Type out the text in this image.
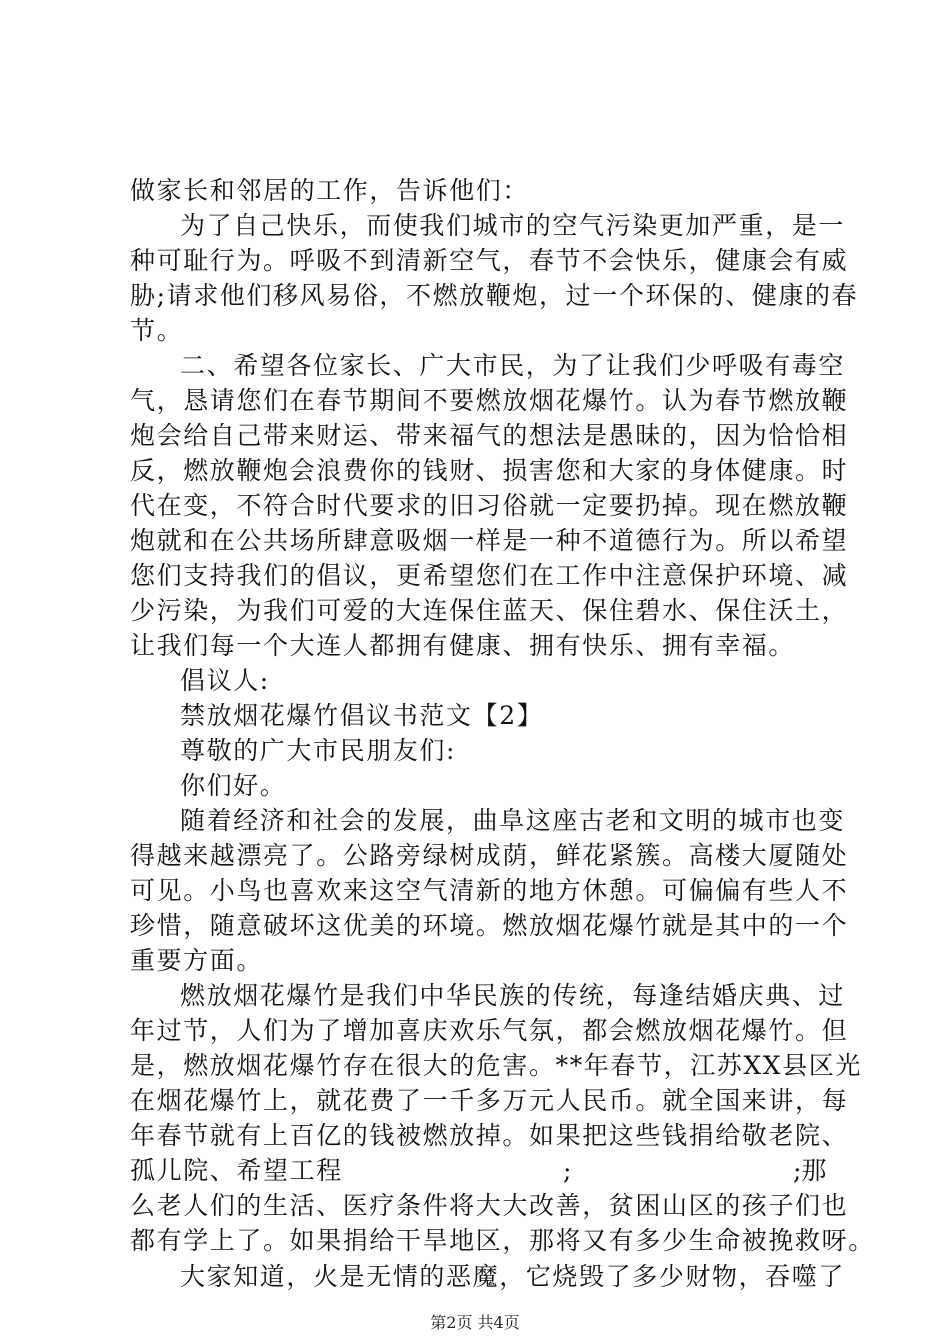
做家长和邻居的工作，告诉他们：
为了自己快乐，而使我们城市的空气污染更加严重，是一
种可耻行为。呼吸不到清新空气，春节不会快乐，健康会有威
胁;请求他们移风易俗，不燃放鞭炮，过一个环保的、健康的春
节。
二、希望各位家长、广大市民，为了让我们少呼吸有毒空
气，恳请您们在春节期间不要燃放烟花爆竹。认为春节燃放鞭
炮会给自己带来财运、带来福气的想法是愚昧的，因为恰恰相
反，燃放鞭炮会浪费你的钱财、损害您和大家的身体健康。时
代在变，不符合时代要求的旧习俗就一定要扔掉。现在燃放鞭
炮就和在公共场所肆意吸烟一样是一种不道德行为。所以希望
您们支持我们的倡议，更希望您们在工作中注意保护环境、减
少污染，为我们可爱的大连保住蓝天、保住碧水、保住沃土，
让我们每一个大连人都拥有健康、拥有快乐、拥有幸福。
倡议人:
禁放烟花爆竹倡议书范文【2】
尊敬的广大市民朋友们:
你们好。
随着经济和社会的发展，曲阜这座古老和文明的城市也变
得越来越漂亮了。公路旁绿树成荫，鲜花紧簇。高楼大厦随处
可见。小鸟也喜欢来这空气清新的地方休憩。可偏偏有些人不
珍惜，随意破坏这优美的环境。燃放烟花爆竹就是其中的一个
重要方面。
燃放烟花爆竹是我们中华民族的传统，每逢结婚庆典、过
年过节，人们为了增加喜庆欢乐气氛，都会燃放烟花爆竹。但
是，燃放烟花爆竹存在很大的危害。**年春节，江苏XX县区光
在烟花爆竹上，就花费了一千多万元人民币。就全国来讲，每
年春节就有上百亿的钱被燃放掉。如果把这些钱捐给敬老院、
孤儿院、希望工程	;	;那
么老人们的生活、医疗条件将大大改善，贫困山区的孩子们也
都有学上了。如果捐给干旱地区，那将又有多少生命被挽救呀。
大家知道，火是无情的恶魔，它烧毁了多少财物，吞噬了
第2页 共4页
